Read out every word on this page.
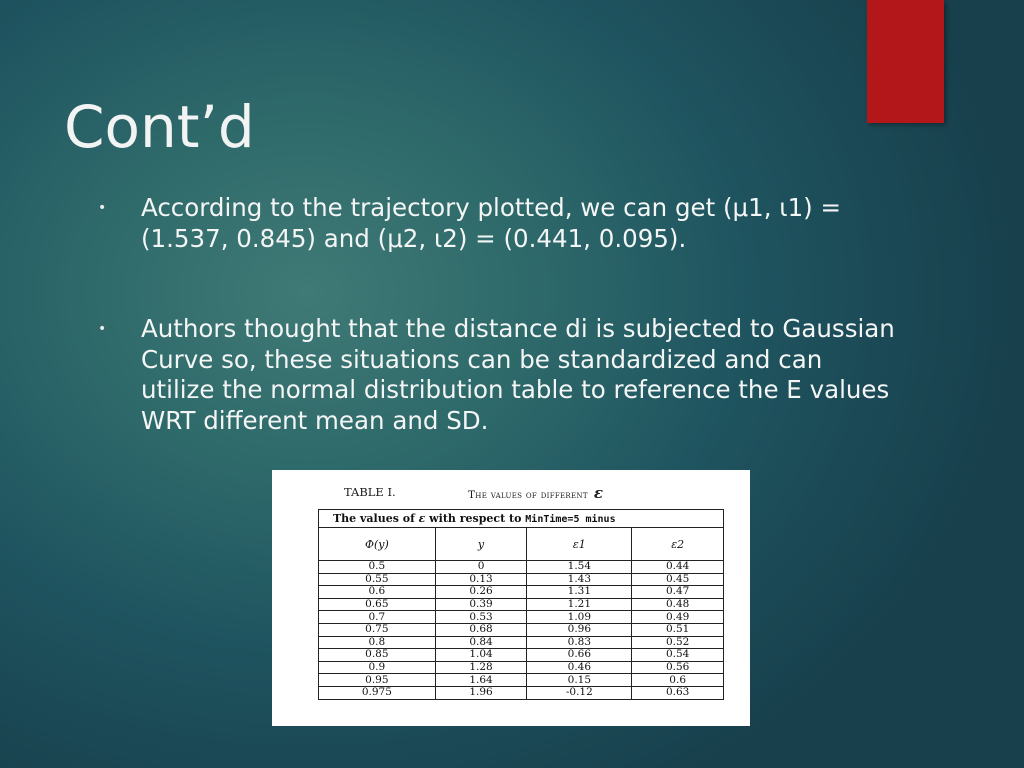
Cont’d
• According to the trajectory plotted, we can get (μ1, ι1) = (1.537, 0.845) and (μ2, ι2) = (0.441, 0.095).
• Authors thought that the distance di is subjected to Gaussian Curve so, these situations can be standardized and can utilize the normal distribution table to reference the E values WRT different mean and SD.
TABLE I.	The values of different ε
The values of ε with respect to MinTime=5 minus			
Φ(y)	y	ε1	ε2
0.5	0	1.54	0.44
0.55	0.13	1.43	0.45
0.6	0.26	1.31	0.47
0.65	0.39	1.21	0.48
0.7	0.53	1.09	0.49
0.75	0.68	0.96	0.51
0.8	0.84	0.83	0.52
0.85	1.04	0.66	0.54
0.9	1.28	0.46	0.56
0.95	1.64	0.15	0.6
0.975	1.96	-0.12	0.63
